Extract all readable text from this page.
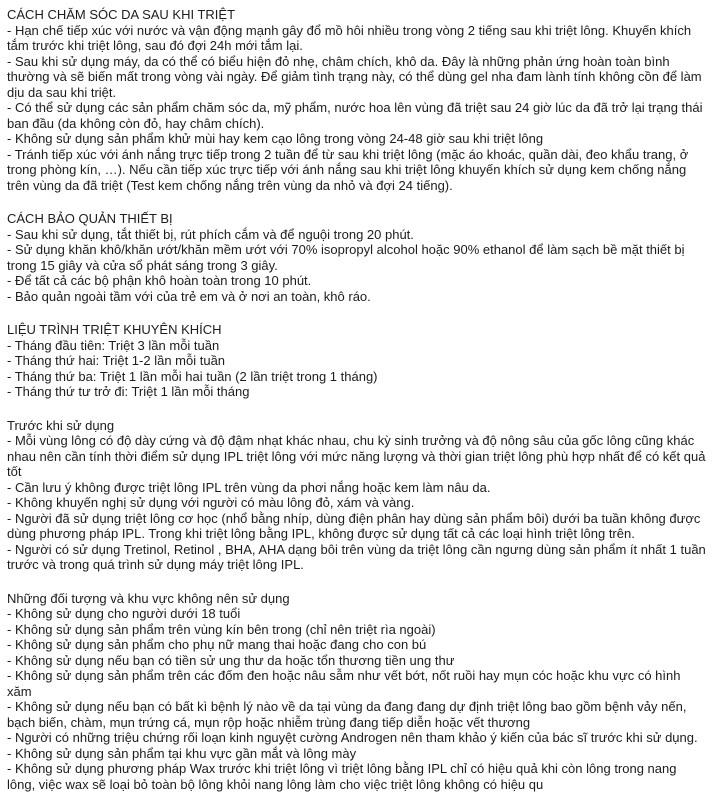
CÁCH CHĂM SÓC DA SAU KHI TRIỆT

- Hạn chế tiếp xúc với nước và vận động mạnh gây đổ mồ hôi nhiều trong vòng 2 tiếng sau khi triệt lông. Khuyến khích tắm trước khi triệt lông, sau đó đợi 24h mới tắm lại.

- Sau khi sử dụng máy, da có thể có biểu hiện đỏ nhẹ, châm chích, khô da. Đây là những phản ứng hoàn toàn bình thường và sẽ biến mất trong vòng vài ngày. Để giảm tình trạng này, có thể dùng gel nha đam lành tính không cồn để làm dịu da sau khi triệt.

- Có thể sử dụng các sản phẩm chăm sóc da, mỹ phẩm, nước hoa lên vùng đã triệt sau 24 giờ lúc da đã trở lại trạng thái ban đầu (da không còn đỏ, hay châm chích).

- Không sử dụng sản phẩm khử mùi hay kem cạo lông trong vòng 24-48 giờ sau khi triệt lông

- Tránh tiếp xúc với ánh nắng trực tiếp trong 2 tuần để từ sau khi triệt lông (mặc áo khoác, quần dài, đeo khẩu trang, ở trong phòng kín, …). Nếu cần tiếp xúc trực tiếp với ánh nắng sau khi triệt lông khuyến khích sử dụng kem chống nắng trên vùng da đã triệt (Test kem chống nắng trên vùng da nhỏ và đợi 24 tiếng).

CÁCH BẢO QUẢN THIẾT BỊ

- Sau khi sử dụng, tắt thiết bị, rút phích cắm và để nguội trong 20 phút.

- Sử dụng khăn khô/khăn ướt/khăn mềm ướt với 70% isopropyl alcohol hoặc 90% ethanol để làm sạch bề mặt thiết bị trong 15 giây và cửa sổ phát sáng trong 3 giây.

- Để tất cả các bộ phận khô hoàn toàn trong 10 phút.

- Bảo quản ngoài tầm với của trẻ em và ở nơi an toàn, khô ráo.

LIỆU TRÌNH TRIỆT KHUYÊN KHÍCH

- Tháng đầu tiên: Triệt 3 lần mỗi tuần

- Tháng thứ hai: Triệt 1-2 lần mỗi tuần

- Tháng thứ ba: Triệt 1 lần mỗi hai tuần (2 lần triệt trong 1 tháng)

- Tháng thứ tư trở đi: Triệt 1 lần mỗi tháng

Trước khi sử dụng

- Mỗi vùng lông có độ dày cứng và độ đậm nhạt khác nhau, chu kỳ sinh trưởng và độ nông sâu của gốc lông cũng khác nhau nên cần tính thời điểm sử dụng IPL triệt lông với mức năng lượng và thời gian triệt lông phù hợp nhất để có kết quả tốt

- Cần lưu ý không được triệt lông IPL trên vùng da phơi nắng hoặc kem làm nâu da.

- Không khuyến nghị sử dụng với người có màu lông đỏ, xám và vàng.

- Người đã sử dụng triệt lông cơ học (nhổ bằng nhíp, dùng điện phân hay dùng sản phẩm bôi) dưới ba tuần không được dùng phương pháp IPL. Trong khi triệt lông bằng IPL, không được sử dụng tất cả các loại hình triệt lông trên.

- Người có sử dụng Tretinol, Retinol , BHA, AHA dạng bôi trên vùng da triệt lông cần ngưng dùng sản phẩm ít nhất 1 tuần trước và trong quá trình sử dụng máy triệt lông IPL.

Những đối tượng và khu vực không nên sử dụng

- Không sử dụng cho người dưới 18 tuổi

- Không sử dụng sản phẩm trên vùng kín bên trong (chỉ nên triệt rìa ngoài)

- Không sử dụng sản phẩm cho phụ nữ mang thai hoặc đang cho con bú

- Không sử dụng nếu bạn có tiền sử ung thư da hoặc tổn thương tiền ung thư

- Không sử dụng sản phẩm trên các đốm đen hoặc nâu sẫm như vết bớt, nốt ruồi hay mụn cóc hoặc khu vực có hình xăm

- Không sử dụng nếu bạn có bất kì bệnh lý nào về da tại vùng da đang đang dự định triệt lông bao gồm bệnh vảy nến, bạch biến, chàm, mụn trứng cá, mụn rộp hoặc nhiễm trùng đang tiếp diễn hoặc vết thương

- Người có những triệu chứng rối loạn kinh nguyệt cường Androgen nên tham khảo ý kiến của bác sĩ trước khi sử dụng.

- Không sử dụng sản phẩm tại khu vực gần mắt và lông mày

- Không sử dụng phương pháp Wax trước khi triệt lông vì triệt lông bằng IPL chỉ có hiệu quả khi còn lông trong nang lông, việc wax sẽ loại bỏ toàn bộ lông khỏi nang lông làm cho việc triệt lông không có hiệu qu
